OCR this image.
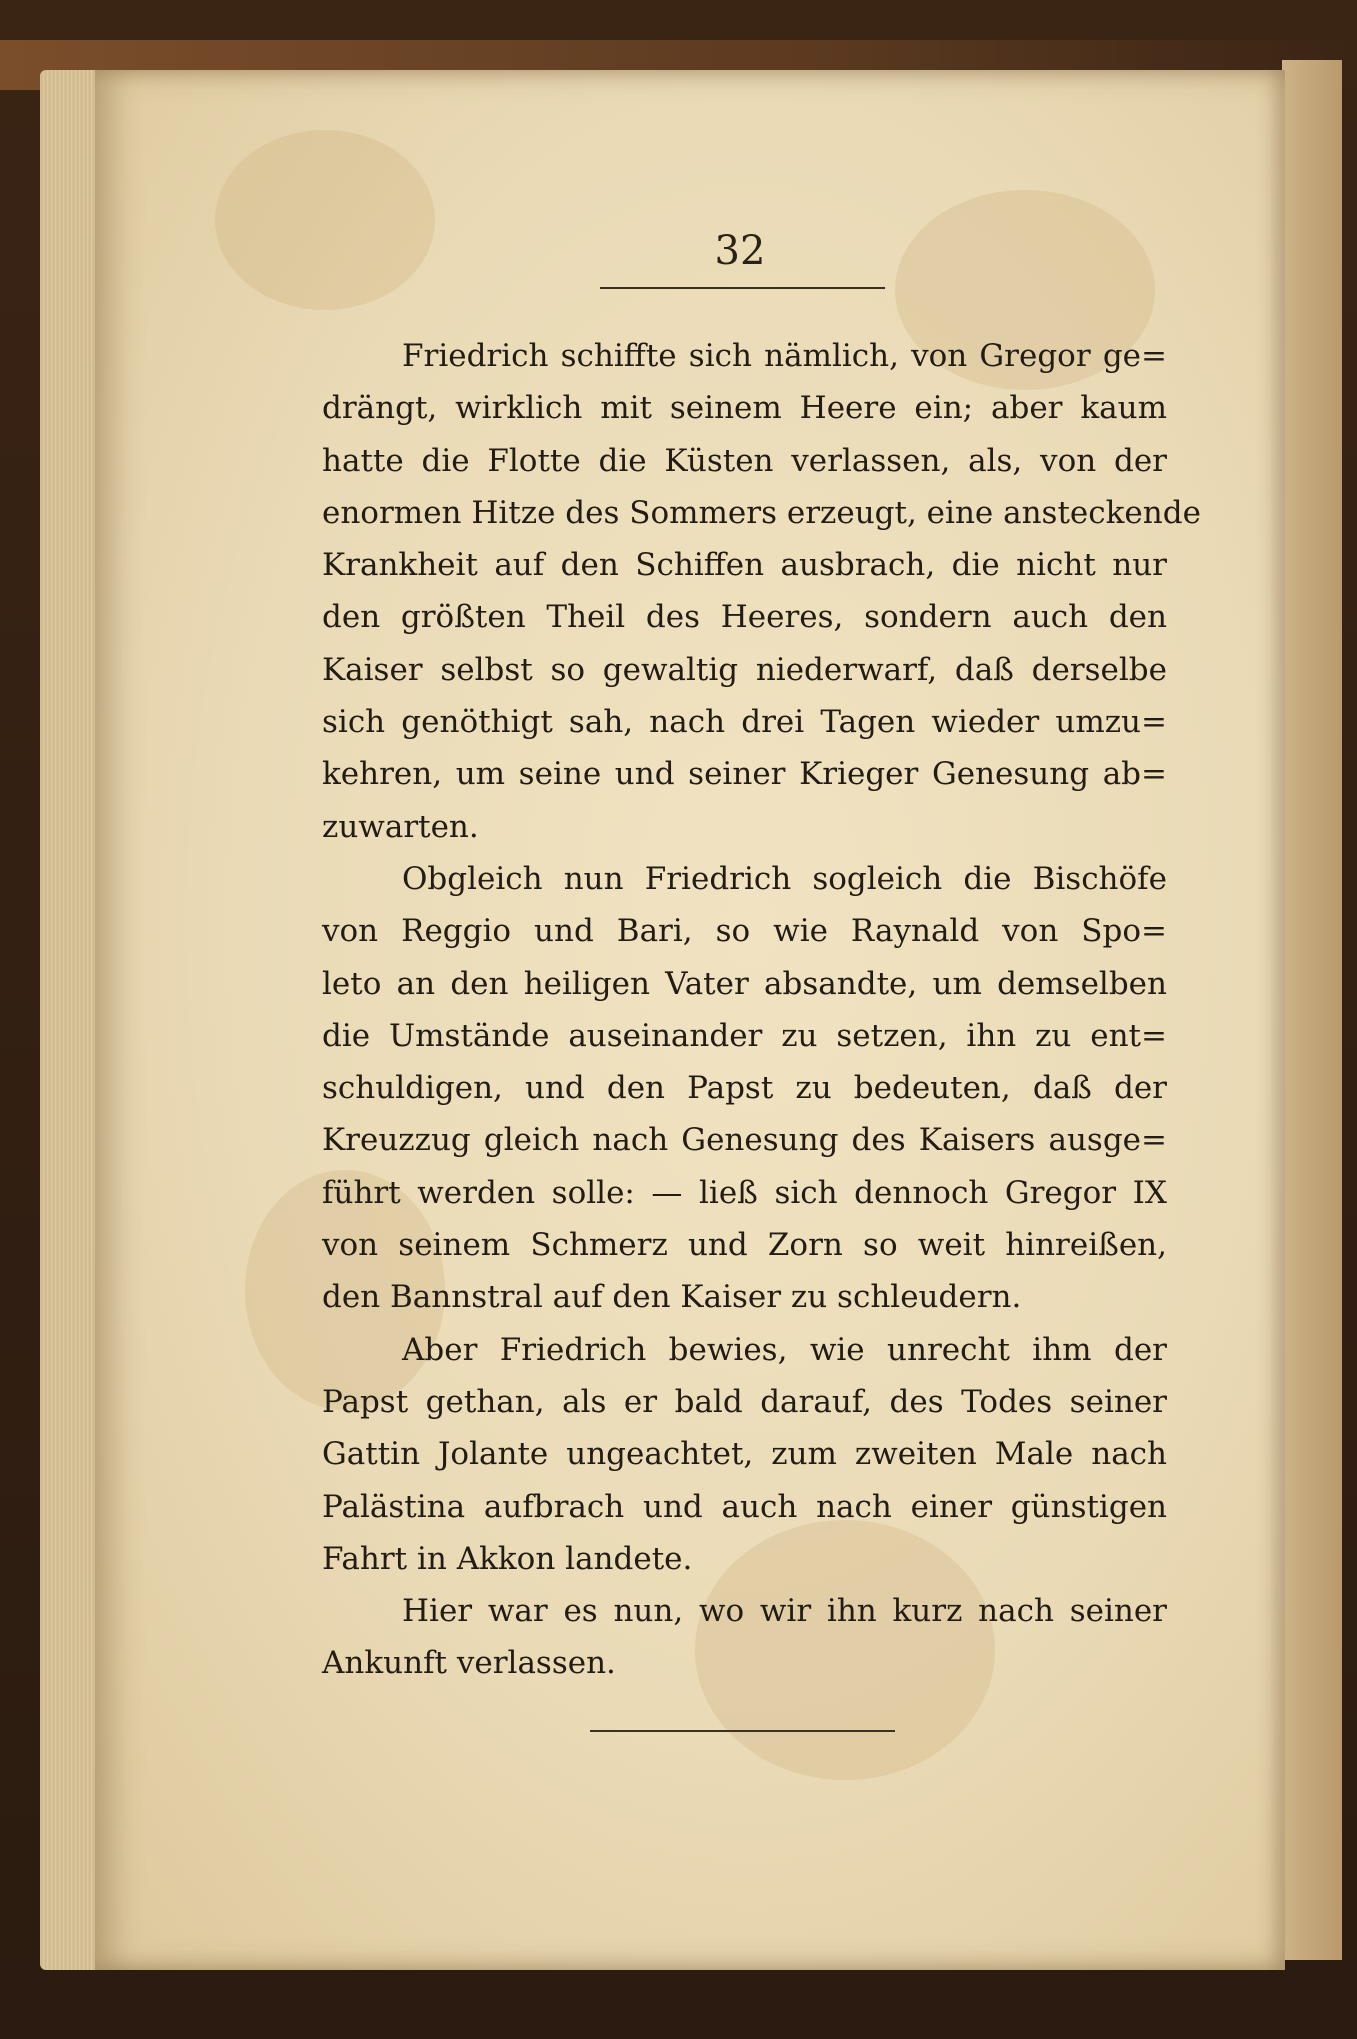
32
Friedrich schiffte sich nämlich, von Gregor ge=
drängt, wirklich mit seinem Heere ein; aber kaum
hatte die Flotte die Küsten verlassen, als, von der
enormen Hitze des Sommers erzeugt, eine ansteckende
Krankheit auf den Schiffen ausbrach, die nicht nur
den größten Theil des Heeres, sondern auch den
Kaiser selbst so gewaltig niederwarf, daß derselbe
sich genöthigt sah, nach drei Tagen wieder umzu=
kehren, um seine und seiner Krieger Genesung ab=
zuwarten.
Obgleich nun Friedrich sogleich die Bischöfe
von Reggio und Bari, so wie Raynald von Spo=
leto an den heiligen Vater absandte, um demselben
die Umstände auseinander zu setzen, ihn zu ent=
schuldigen, und den Papst zu bedeuten, daß der
Kreuzzug gleich nach Genesung des Kaisers ausge=
führt werden solle: — ließ sich dennoch Gregor IX
von seinem Schmerz und Zorn so weit hinreißen,
den Bannstral auf den Kaiser zu schleudern.
Aber Friedrich bewies, wie unrecht ihm der
Papst gethan, als er bald darauf, des Todes seiner
Gattin Jolante ungeachtet, zum zweiten Male nach
Palästina aufbrach und auch nach einer günstigen
Fahrt in Akkon landete.
Hier war es nun, wo wir ihn kurz nach seiner
Ankunft verlassen.
